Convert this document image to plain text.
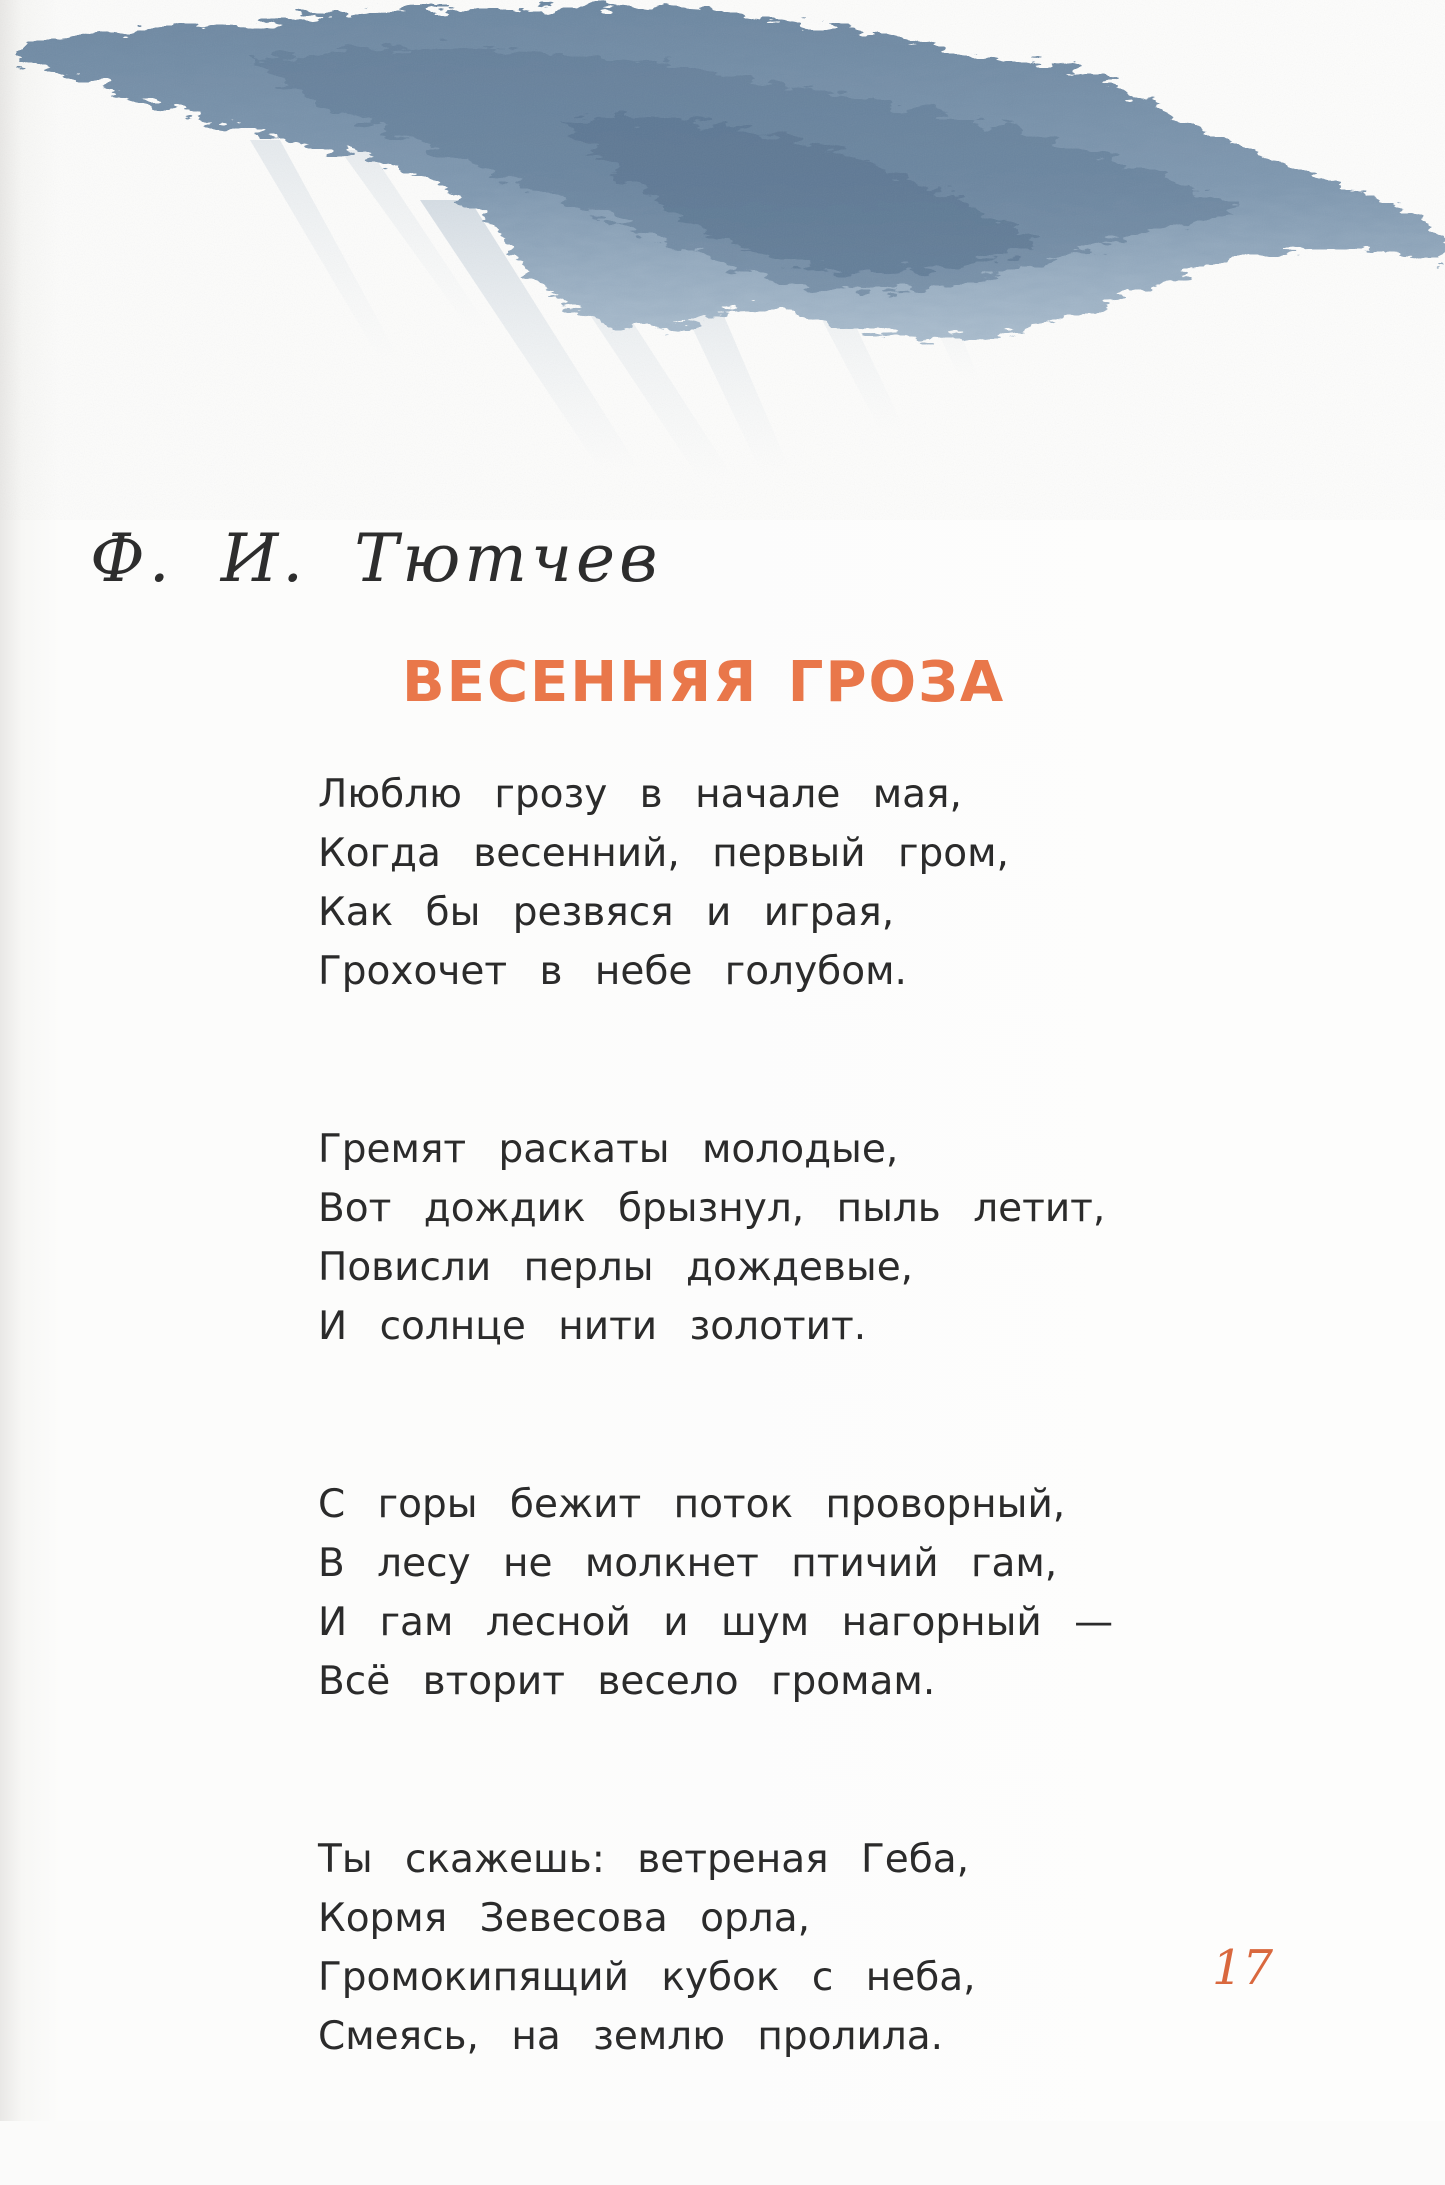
Ф. И. Тютчев
ВЕСЕННЯЯ ГРОЗА
Люблю грозу в начале мая,
Когда весенний, первый гром,
Как бы резвяся и играя,
Грохочет в небе голубом.
Гремят раскаты молодые,
Вот дождик брызнул, пыль летит,
Повисли перлы дождевые,
И солнце нити золотит.
С горы бежит поток проворный,
В лесу не молкнет птичий гам,
И гам лесной и шум нагорный —
Всё вторит весело громам.
Ты скажешь: ветреная Геба,
Кормя Зевесова орла,
Громокипящий кубок с неба,
Смеясь, на землю пролила.
17
